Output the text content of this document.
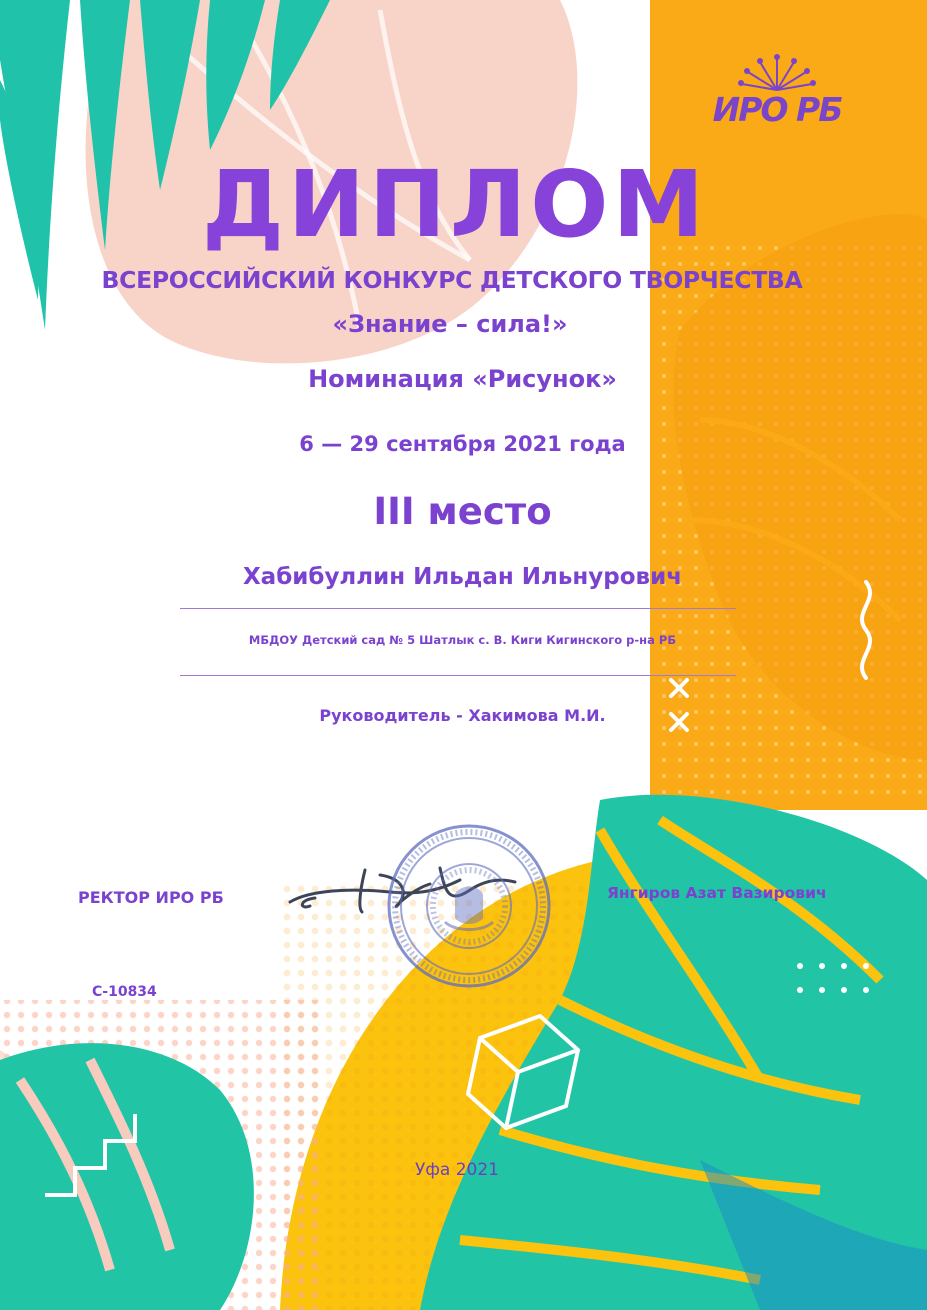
ИРО РБ
ДИПЛОМ
ВСЕРОССИЙСКИЙ КОНКУРС ДЕТСКОГО ТВОРЧЕСТВА
«Знание – сила!»
Номинация «Рисунок»
6 — 29 сентября 2021 года
III место
Хабибуллин Ильдан Ильнурович
МБДОУ Детский сад № 5 Шатлык с. В. Киги Кигинского р-на РБ
Руководитель - Хакимова М.И.
РЕКТОР ИРО РБ	Янгиров Азат Вазирович
С-10834
Уфа 2021
